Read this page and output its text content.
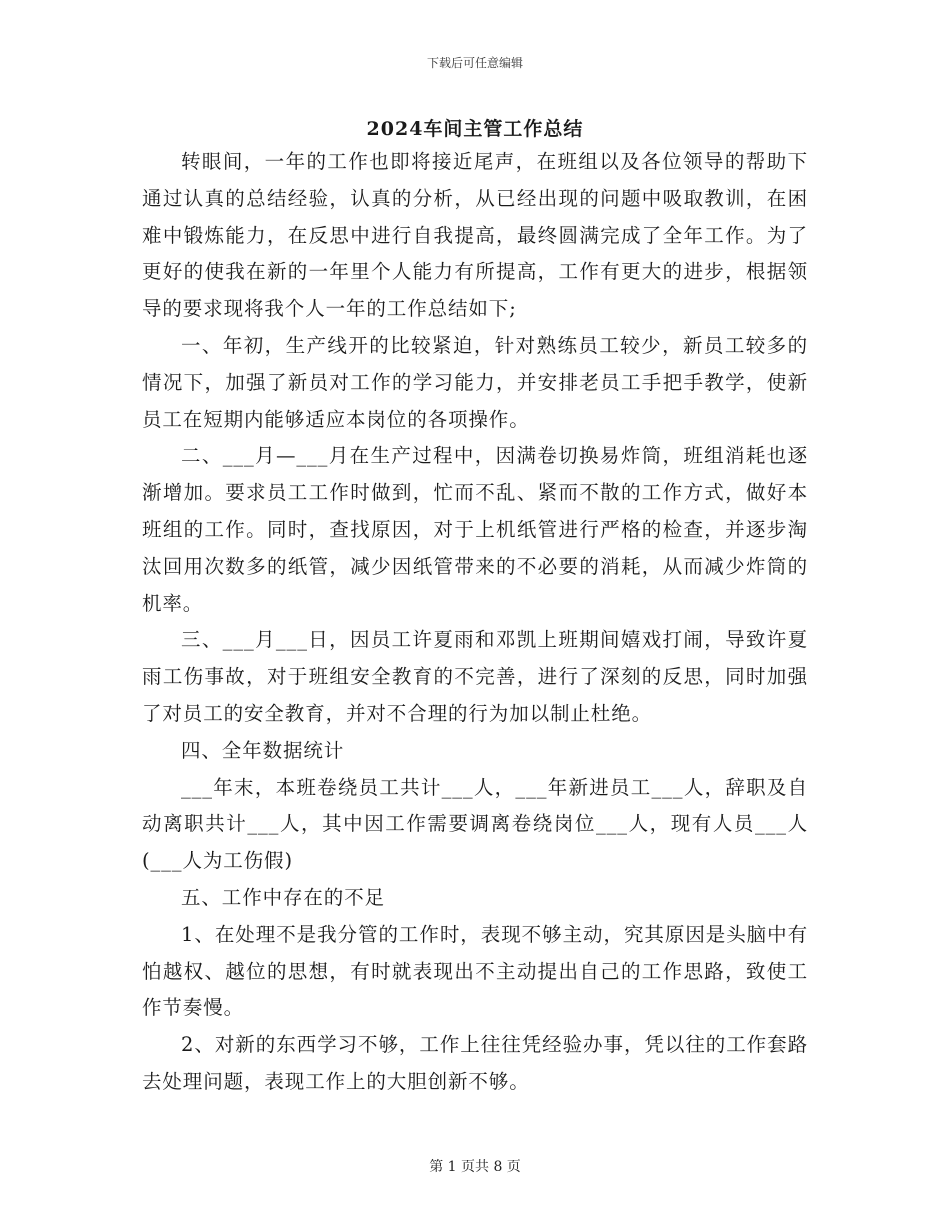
下载后可任意编辑
2024车间主管工作总结

转眼间，一年的工作也即将接近尾声，在班组以及各位领导的帮助下通过认真的总结经验，认真的分析，从已经出现的问题中吸取教训，在困难中锻炼能力，在反思中进行自我提高，最终圆满完成了全年工作。为了更好的使我在新的一年里个人能力有所提高，工作有更大的进步，根据领导的要求现将我个人一年的工作总结如下;

一、年初，生产线开的比较紧迫，针对熟练员工较少，新员工较多的情况下，加强了新员对工作的学习能力，并安排老员工手把手教学，使新员工在短期内能够适应本岗位的各项操作。

二、___月—___月在生产过程中，因满卷切换易炸筒，班组消耗也逐渐增加。要求员工工作时做到，忙而不乱、紧而不散的工作方式，做好本班组的工作。同时，查找原因，对于上机纸管进行严格的检查，并逐步淘汰回用次数多的纸管，减少因纸管带来的不必要的消耗，从而减少炸筒的机率。

三、___月___日，因员工许夏雨和邓凯上班期间嬉戏打闹，导致许夏雨工伤事故，对于班组安全教育的不完善，进行了深刻的反思，同时加强了对员工的安全教育，并对不合理的行为加以制止杜绝。

四、全年数据统计

___年末，本班卷绕员工共计___人，___年新进员工___人，辞职及自动离职共计___人，其中因工作需要调离卷绕岗位___人，现有人员___人(___人为工伤假)

五、工作中存在的不足

1、在处理不是我分管的工作时，表现不够主动，究其原因是头脑中有怕越权、越位的思想，有时就表现出不主动提出自己的工作思路，致使工作节奏慢。

2、对新的东西学习不够，工作上往往凭经验办事，凭以往的工作套路去处理问题，表现工作上的大胆创新不够。

第 1 页共 8 页
